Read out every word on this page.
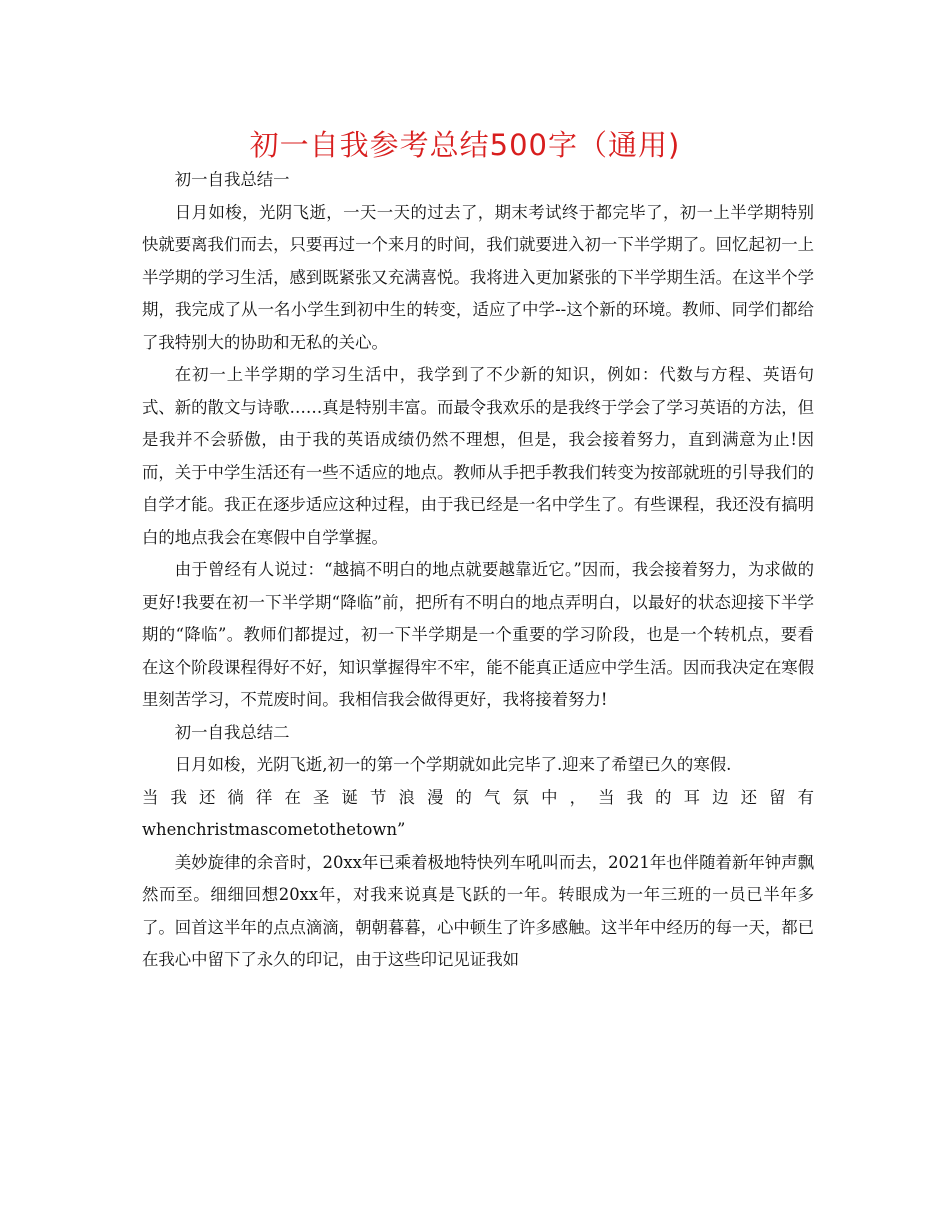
初一自我参考总结500字（通用)

初一自我总结一

日月如梭，光阴飞逝，一天一天的过去了，期末考试终于都完毕了，初一上半学期特别快就要离我们而去，只要再过一个来月的时间，我们就要进入初一下半学期了。回忆起初一上半学期的学习生活，感到既紧张又充满喜悦。我将进入更加紧张的下半学期生活。在这半个学期，我完成了从一名小学生到初中生的转变，适应了中学--这个新的环境。教师、同学们都给了我特别大的协助和无私的关心。

在初一上半学期的学习生活中，我学到了不少新的知识，例如：代数与方程、英语句式、新的散文与诗歌……真是特别丰富。而最令我欢乐的是我终于学会了学习英语的方法，但是我并不会骄傲，由于我的英语成绩仍然不理想，但是，我会接着努力，直到满意为止!因而，关于中学生活还有一些不适应的地点。教师从手把手教我们转变为按部就班的引导我们的自学才能。我正在逐步适应这种过程，由于我已经是一名中学生了。有些课程，我还没有搞明白的地点我会在寒假中自学掌握。

由于曾经有人说过：“越搞不明白的地点就要越靠近它。”因而，我会接着努力，为求做的更好!我要在初一下半学期“降临”前，把所有不明白的地点弄明白，以最好的状态迎接下半学期的“降临”。教师们都提过，初一下半学期是一个重要的学习阶段，也是一个转机点，要看在这个阶段课程得好不好，知识掌握得牢不牢，能不能真正适应中学生活。因而我决定在寒假里刻苦学习，不荒废时间。我相信我会做得更好，我将接着努力!

初一自我总结二

日月如梭，光阴飞逝,初一的第一个学期就如此完毕了.迎来了希望已久的寒假.

当我还徜徉在圣诞节浪漫的气氛中，当我的耳边还留有

whenchristmascometothetown”

美妙旋律的余音时，20xx年已乘着极地特快列车吼叫而去，2021年也伴随着新年钟声飘然而至。细细回想20xx年，对我来说真是飞跃的一年。转眼成为一年三班的一员已半年多了。回首这半年的点点滴滴，朝朝暮暮，心中顿生了许多感触。这半年中经历的每一天，都已在我心中留下了永久的印记，由于这些印记见证我如
